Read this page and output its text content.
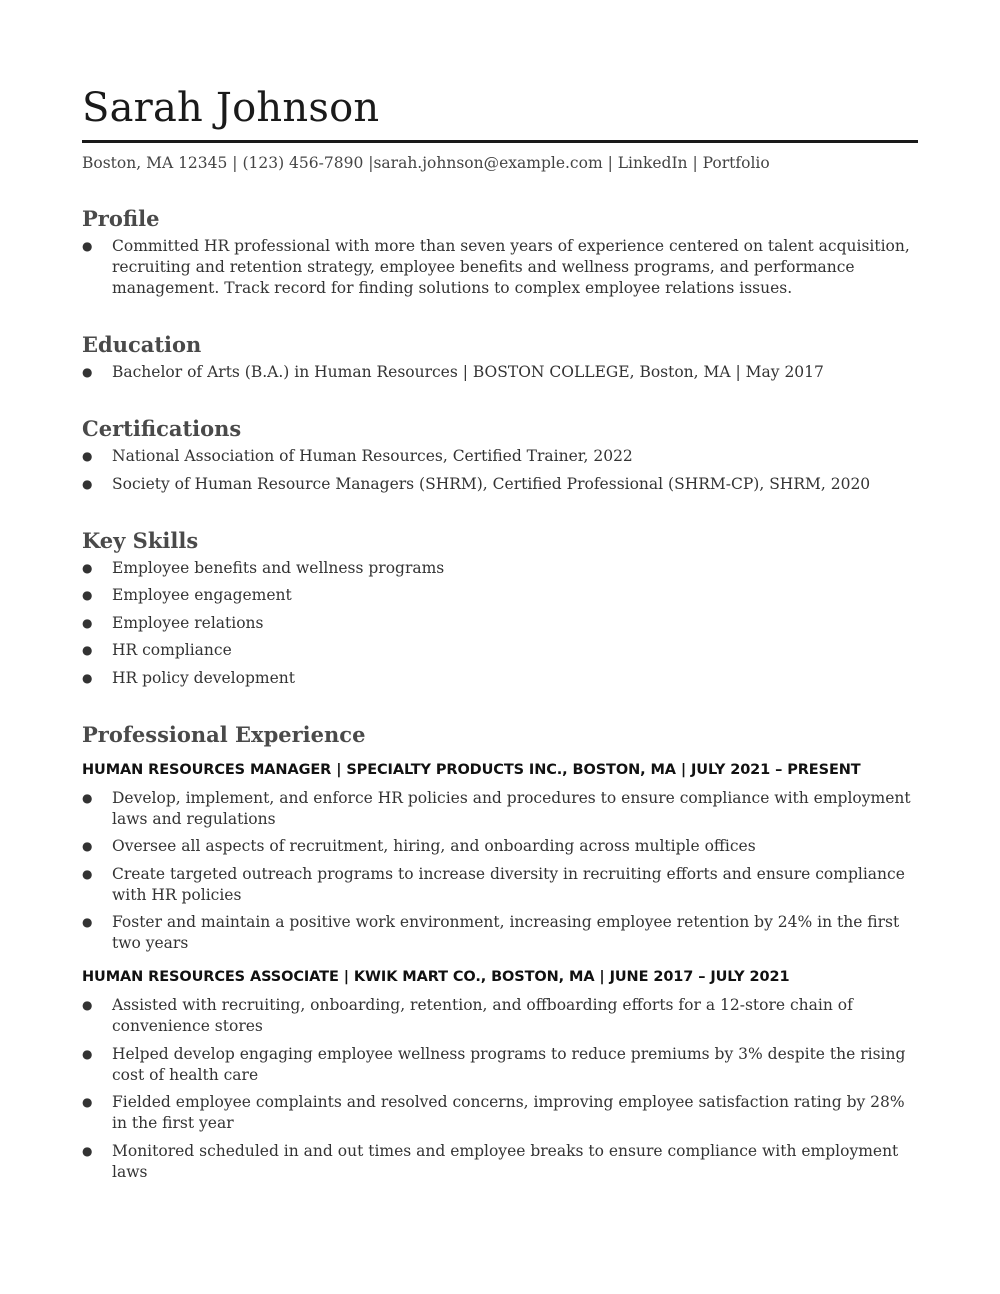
Sarah Johnson
Boston, MA 12345 | (123) 456-7890 |sarah.johnson@example.com | LinkedIn | Portfolio
Profile
● Committed HR professional with more than seven years of experience centered on talent acquisition, recruiting and retention strategy, employee benefits and wellness programs, and performance management. Track record for finding solutions to complex employee relations issues.
Education
● Bachelor of Arts (B.A.) in Human Resources | BOSTON COLLEGE, Boston, MA | May 2017
Certifications
● National Association of Human Resources, Certified Trainer, 2022
● Society of Human Resource Managers (SHRM), Certified Professional (SHRM-CP), SHRM, 2020
Key Skills
● Employee benefits and wellness programs
● Employee engagement
● Employee relations
● HR compliance
● HR policy development
Professional Experience
HUMAN RESOURCES MANAGER | SPECIALTY PRODUCTS INC., BOSTON, MA | JULY 2021 – PRESENT
● Develop, implement, and enforce HR policies and procedures to ensure compliance with employment laws and regulations
● Oversee all aspects of recruitment, hiring, and onboarding across multiple offices
● Create targeted outreach programs to increase diversity in recruiting efforts and ensure compliance with HR policies
● Foster and maintain a positive work environment, increasing employee retention by 24% in the first two years
HUMAN RESOURCES ASSOCIATE | KWIK MART CO., BOSTON, MA | JUNE 2017 – JULY 2021
● Assisted with recruiting, onboarding, retention, and offboarding efforts for a 12-store chain of convenience stores
● Helped develop engaging employee wellness programs to reduce premiums by 3% despite the rising cost of health care
● Fielded employee complaints and resolved concerns, improving employee satisfaction rating by 28% in the first year
● Monitored scheduled in and out times and employee breaks to ensure compliance with employment laws
